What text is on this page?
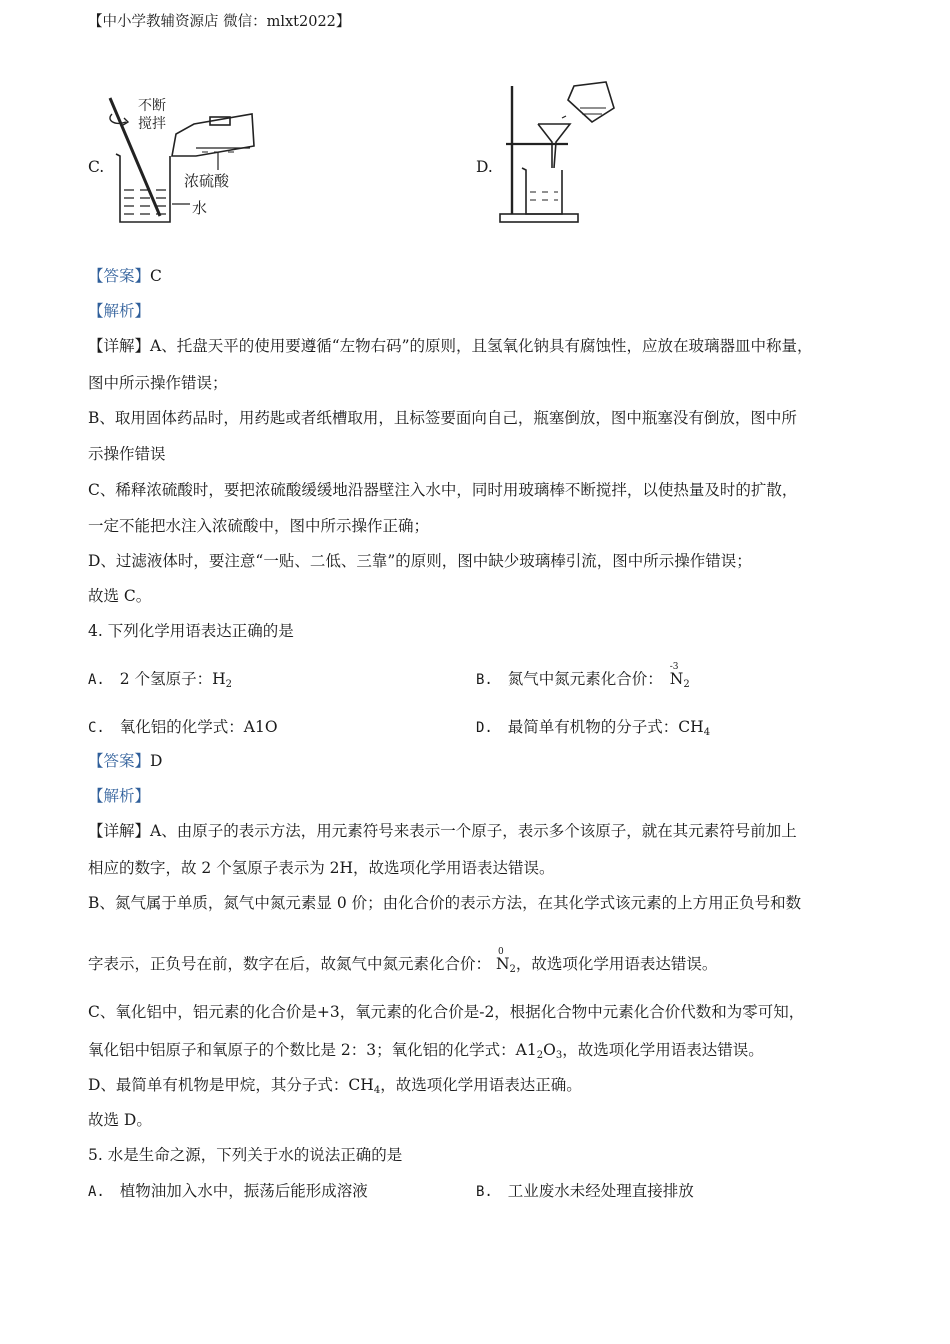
【中小学教辅资源店 微信：mlxt2022】
C.
不断
搅拌
浓硫酸
水
D.
【答案】C
【解析】
【详解】A、托盘天平的使用要遵循“左物右码”的原则，且氢氧化钠具有腐蚀性，应放在玻璃器皿中称量，
图中所示操作错误；
B、取用固体药品时，用药匙或者纸槽取用，且标签要面向自己，瓶塞倒放，图中瓶塞没有倒放，图中所
示操作错误
C、稀释浓硫酸时，要把浓硫酸缓缓地沿器壁注入水中，同时用玻璃棒不断搅拌，以使热量及时的扩散，
一定不能把水注入浓硫酸中，图中所示操作正确；
D、过滤液体时，要注意“一贴、二低、三靠”的原则，图中缺少玻璃棒引流，图中所示操作错误；
故选 C。
4. 下列化学用语表达正确的是
A. 2 个氢原子：$H_2$	B. 氮气中氮元素化合价：
-3
$N_2$
C. 氧化铝的化学式：A1O	D. 最简单有机物的分子式：$CH_4$
【答案】D
【解析】
【详解】A、由原子的表示方法，用元素符号来表示一个原子，表示多个该原子，就在其元素符号前加上
相应的数字，故 2 个氢原子表示为 2H，故选项化学用语表达错误。
B、氮气属于单质，氮气中氮元素显 0 价；由化合价的表示方法，在其化学式该元素的上方用正负号和数
字表示，正负号在前，数字在后，故氮气中氮元素化合价：
0
$N_2$，故选项化学用语表达错误。
C、氧化铝中，铝元素的化合价是+3，氧元素的化合价是-2，根据化合物中元素化合价代数和为零可知，
氧化铝中铝原子和氧原子的个数比是 2：3；氧化铝的化学式：$A1_2O_3$，故选项化学用语表达错误。
D、最简单有机物是甲烷，其分子式：$CH_4$，故选项化学用语表达正确。
故选 D。
5. 水是生命之源，下列关于水的说法正确的是
A. 植物油加入水中，振荡后能形成溶液	B. 工业废水未经处理直接排放
